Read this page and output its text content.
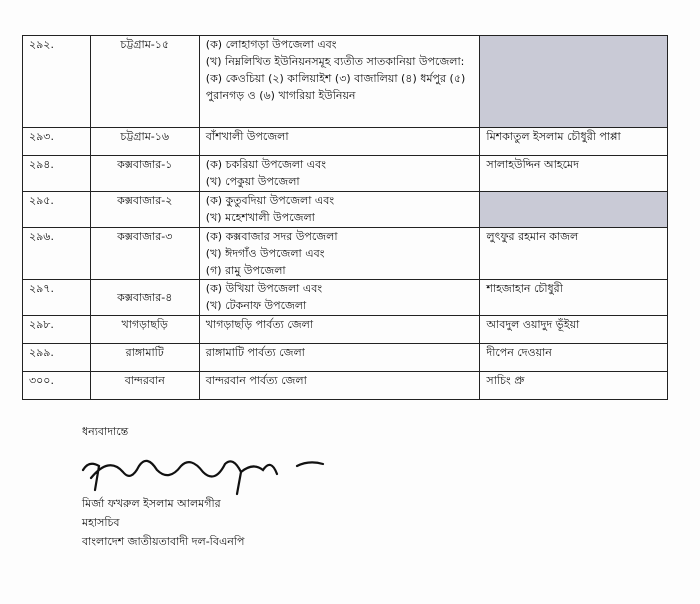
২৯২.	চট্টগ্রাম-১৫	(ক) লোহাগড়া উপজেলা এবং
(খ) নিম্নলিখিত ইউনিয়নসমূহ ব্যতীত সাতকানিয়া উপজেলা:
(ক) কেওচিয়া (২) কালিয়াইশ (৩) বাজালিয়া (৪) ধর্মপুর (৫)
পুরানগড় ও (৬) খাগরিয়া ইউনিয়ন	

২৯৩.	চট্টগ্রাম-১৬	বাঁশখালী উপজেলা	মিশকাতুল ইসলাম চৌধুরী পাপ্পা
২৯৪.	কক্সবাজার-১	(ক) চকরিয়া উপজেলা এবং
(খ) পেকুয়া উপজেলা	সালাহউদ্দিন আহমেদ
২৯৫.	কক্সবাজার-২	(ক) কুতুবদিয়া উপজেলা এবং
(খ) মহেশখালী উপজেলা	

২৯৬.	কক্সবাজার-৩	(ক) কক্সবাজার সদর উপজেলা
(খ) ঈদগাঁও উপজেলা এবং
(গ) রামু উপজেলা	লুৎফুর রহমান কাজল
২৯৭.	কক্সবাজার-৪	(ক) উখিয়া উপজেলা এবং
(খ) টেকনাফ উপজেলা	শাহজাহান চৌধুরী
২৯৮.	খাগড়াছড়ি	খাগড়াছড়ি পার্বত্য জেলা	আবদুল ওয়াদুদ ভূঁইয়া
২৯৯.	রাঙ্গামাটি	রাঙ্গামাটি পার্বত্য জেলা	দীপেন দেওয়ান
৩০০.	বান্দরবান	বান্দরবান পার্বত্য জেলা	সাচিং প্রু
ধন্যবাদান্তে
মির্জা ফখরুল ইসলাম আলমগীর
মহাসচিব
বাংলাদেশ জাতীয়তাবাদী দল-বিএনপি
